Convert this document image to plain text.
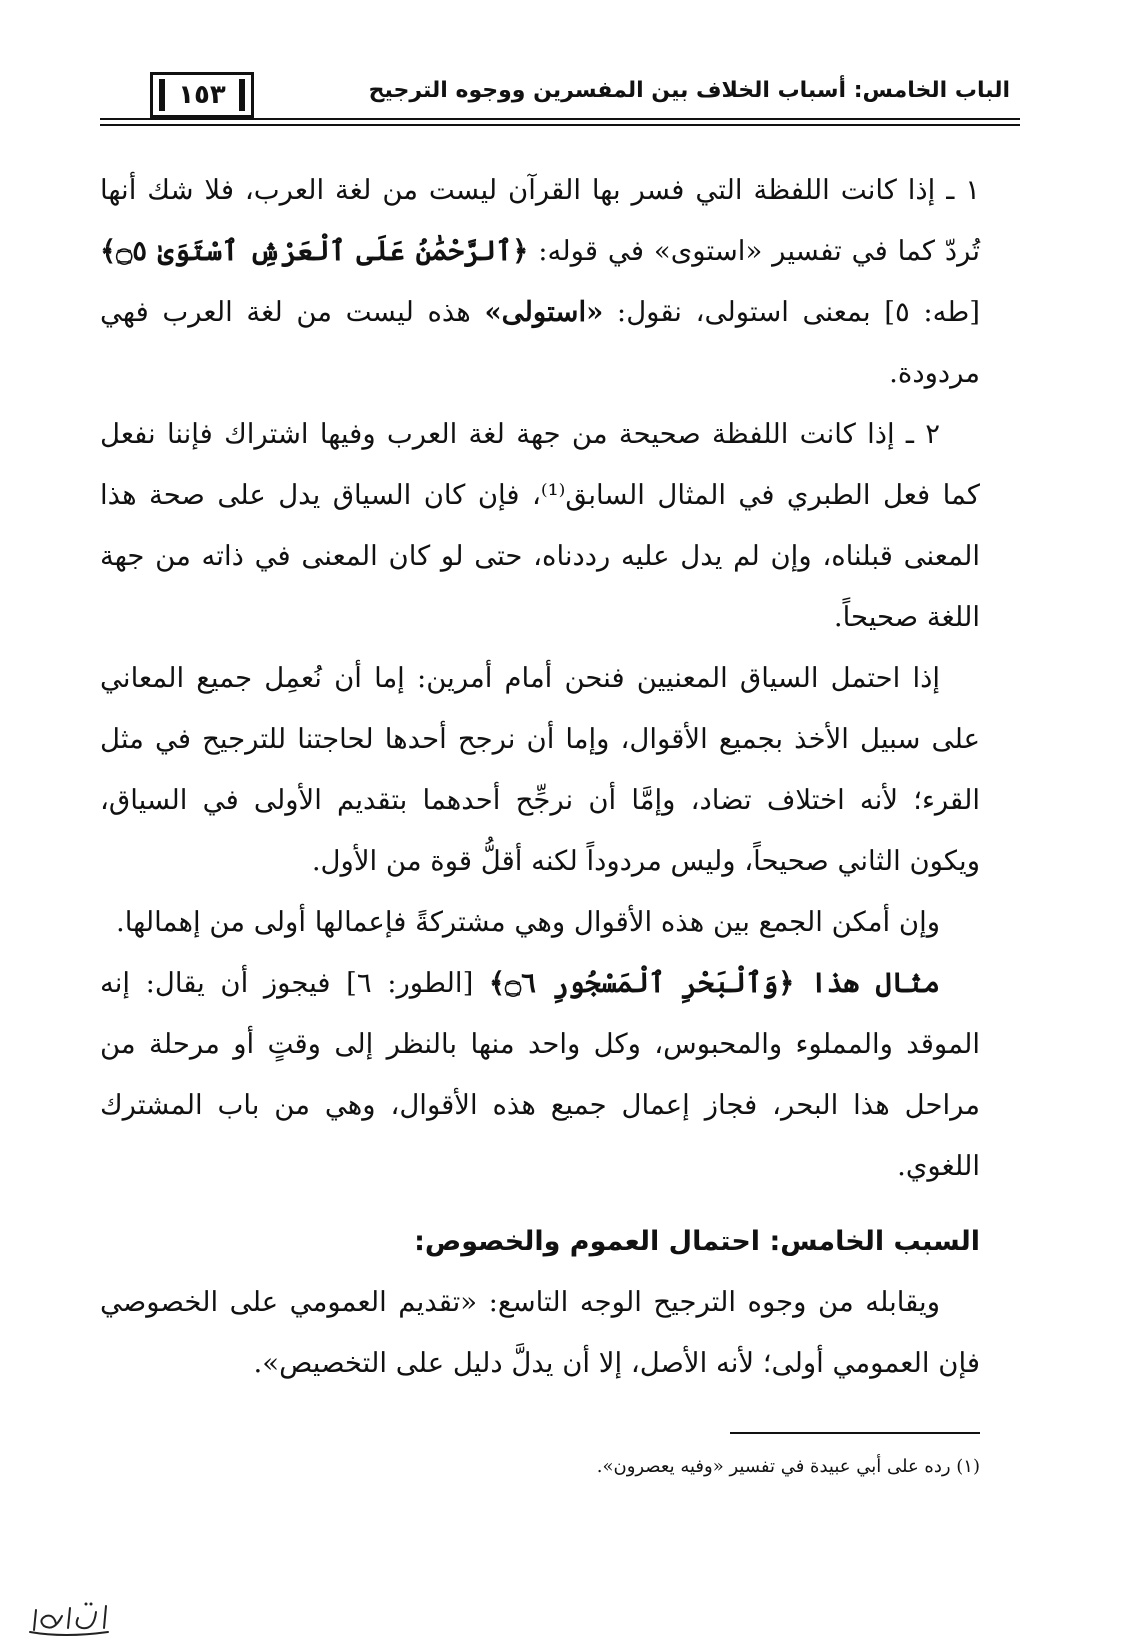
الباب الخامس: أسباب الخلاف بين المفسرين ووجوه الترجيح
١٥٣

١ ـ إذا كانت اللفظة التي فسر بها القرآن ليست من لغة العرب، فلا شك أنها تُردّ كما في تفسير «استوى» في قوله: ﴿ٱلرَّحْمَٰنُ عَلَى ٱلْعَرْشِ ٱسْتَوَىٰ ۝٥﴾ [طه: ٥] بمعنى استولى، نقول: «استولى» هذه ليست من لغة العرب فهي مردودة.

٢ ـ إذا كانت اللفظة صحيحة من جهة لغة العرب وفيها اشتراك فإننا نفعل كما فعل الطبري في المثال السابق⁽¹⁾، فإن كان السياق يدل على صحة هذا المعنى قبلناه، وإن لم يدل عليه رددناه، حتى لو كان المعنى في ذاته من جهة اللغة صحيحاً.

إذا احتمل السياق المعنيين فنحن أمام أمرين: إما أن نُعمِل جميع المعاني على سبيل الأخذ بجميع الأقوال، وإما أن نرجح أحدها لحاجتنا للترجيح في مثل القرء؛ لأنه اختلاف تضاد، وإمَّا أن نرجِّح أحدهما بتقديم الأولى في السياق، ويكون الثاني صحيحاً، وليس مردوداً لكنه أقلُّ قوة من الأول.

وإن أمكن الجمع بين هذه الأقوال وهي مشتركةً فإعمالها أولى من إهمالها.

مثال هذا ﴿وَٱلْبَحْرِ ٱلْمَسْجُورِ ۝٦﴾ [الطور: ٦] فيجوز أن يقال: إنه الموقد والمملوء والمحبوس، وكل واحد منها بالنظر إلى وقتٍ أو مرحلة من مراحل هذا البحر، فجاز إعمال جميع هذه الأقوال، وهي من باب المشترك اللغوي.

السبب الخامس: احتمال العموم والخصوص:

ويقابله من وجوه الترجيح الوجه التاسع: «تقديم العمومي على الخصوصي فإن العمومي أولى؛ لأنه الأصل، إلا أن يدلَّ دليل على التخصيص».

(١) رده على أبي عبيدة في تفسير «وفيه يعصرون».
